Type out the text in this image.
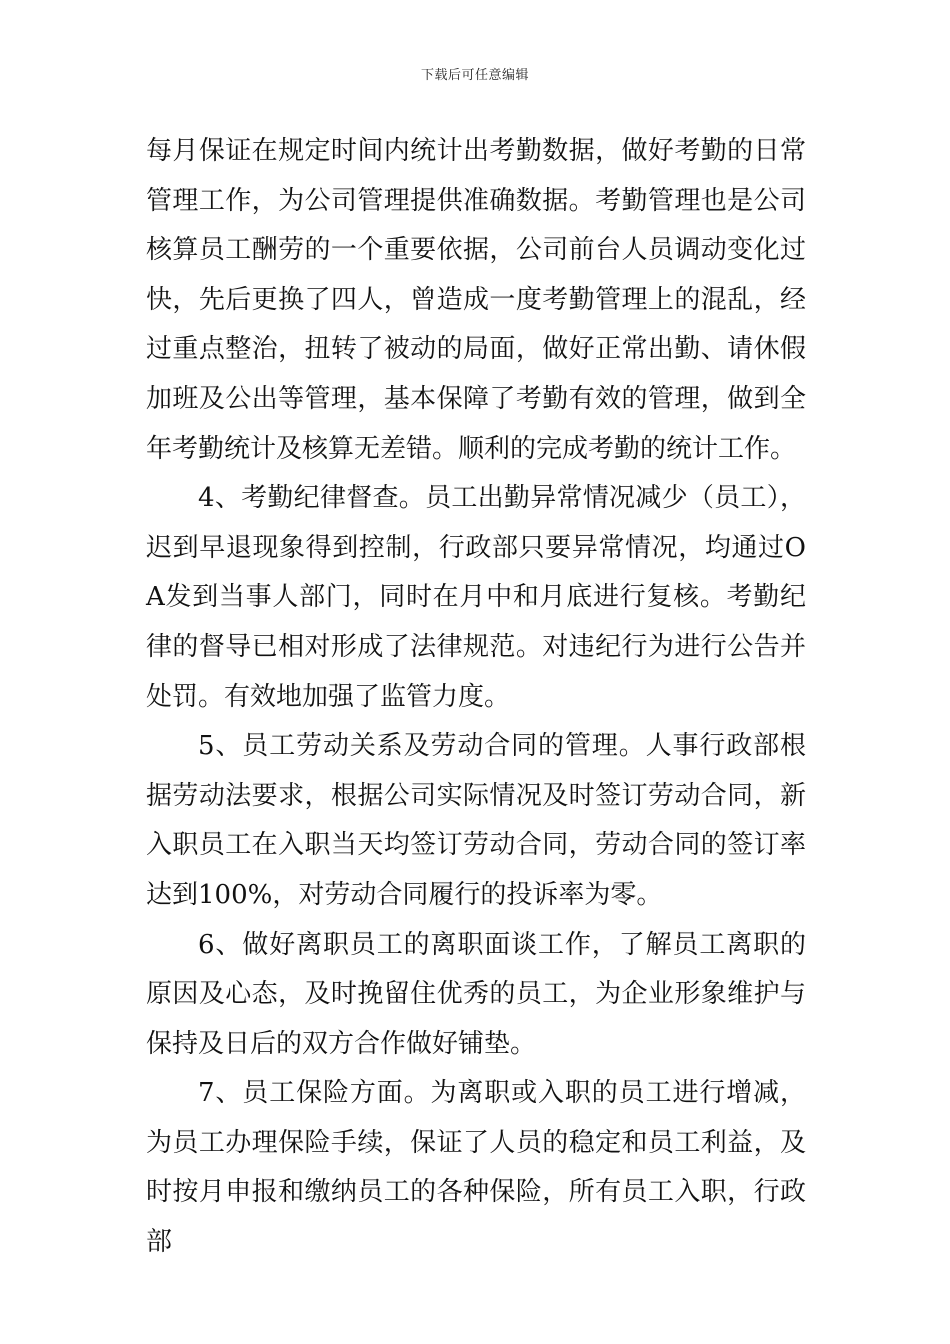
下载后可任意编辑

每月保证在规定时间内统计出考勤数据，做好考勤的日常管理工作，为公司管理提供准确数据。考勤管理也是公司核算员工酬劳的一个重要依据，公司前台人员调动变化过快，先后更换了四人，曾造成一度考勤管理上的混乱，经过重点整治，扭转了被动的局面，做好正常出勤、请休假加班及公出等管理，基本保障了考勤有效的管理，做到全年考勤统计及核算无差错。顺利的完成考勤的统计工作。

4、考勤纪律督查。员工出勤异常情况减少（员工），迟到早退现象得到控制，行政部只要异常情况，均通过OA发到当事人部门，同时在月中和月底进行复核。考勤纪律的督导已相对形成了法律规范。对违纪行为进行公告并处罚。有效地加强了监管力度。

5、员工劳动关系及劳动合同的管理。人事行政部根据劳动法要求，根据公司实际情况及时签订劳动合同，新入职员工在入职当天均签订劳动合同，劳动合同的签订率达到100%，对劳动合同履行的投诉率为零。

6、做好离职员工的离职面谈工作，了解员工离职的原因及心态，及时挽留住优秀的员工，为企业形象维护与保持及日后的双方合作做好铺垫。

7、员工保险方面。为离职或入职的员工进行增减，为员工办理保险手续，保证了人员的稳定和员工利益，及时按月申报和缴纳员工的各种保险，所有员工入职，行政部
